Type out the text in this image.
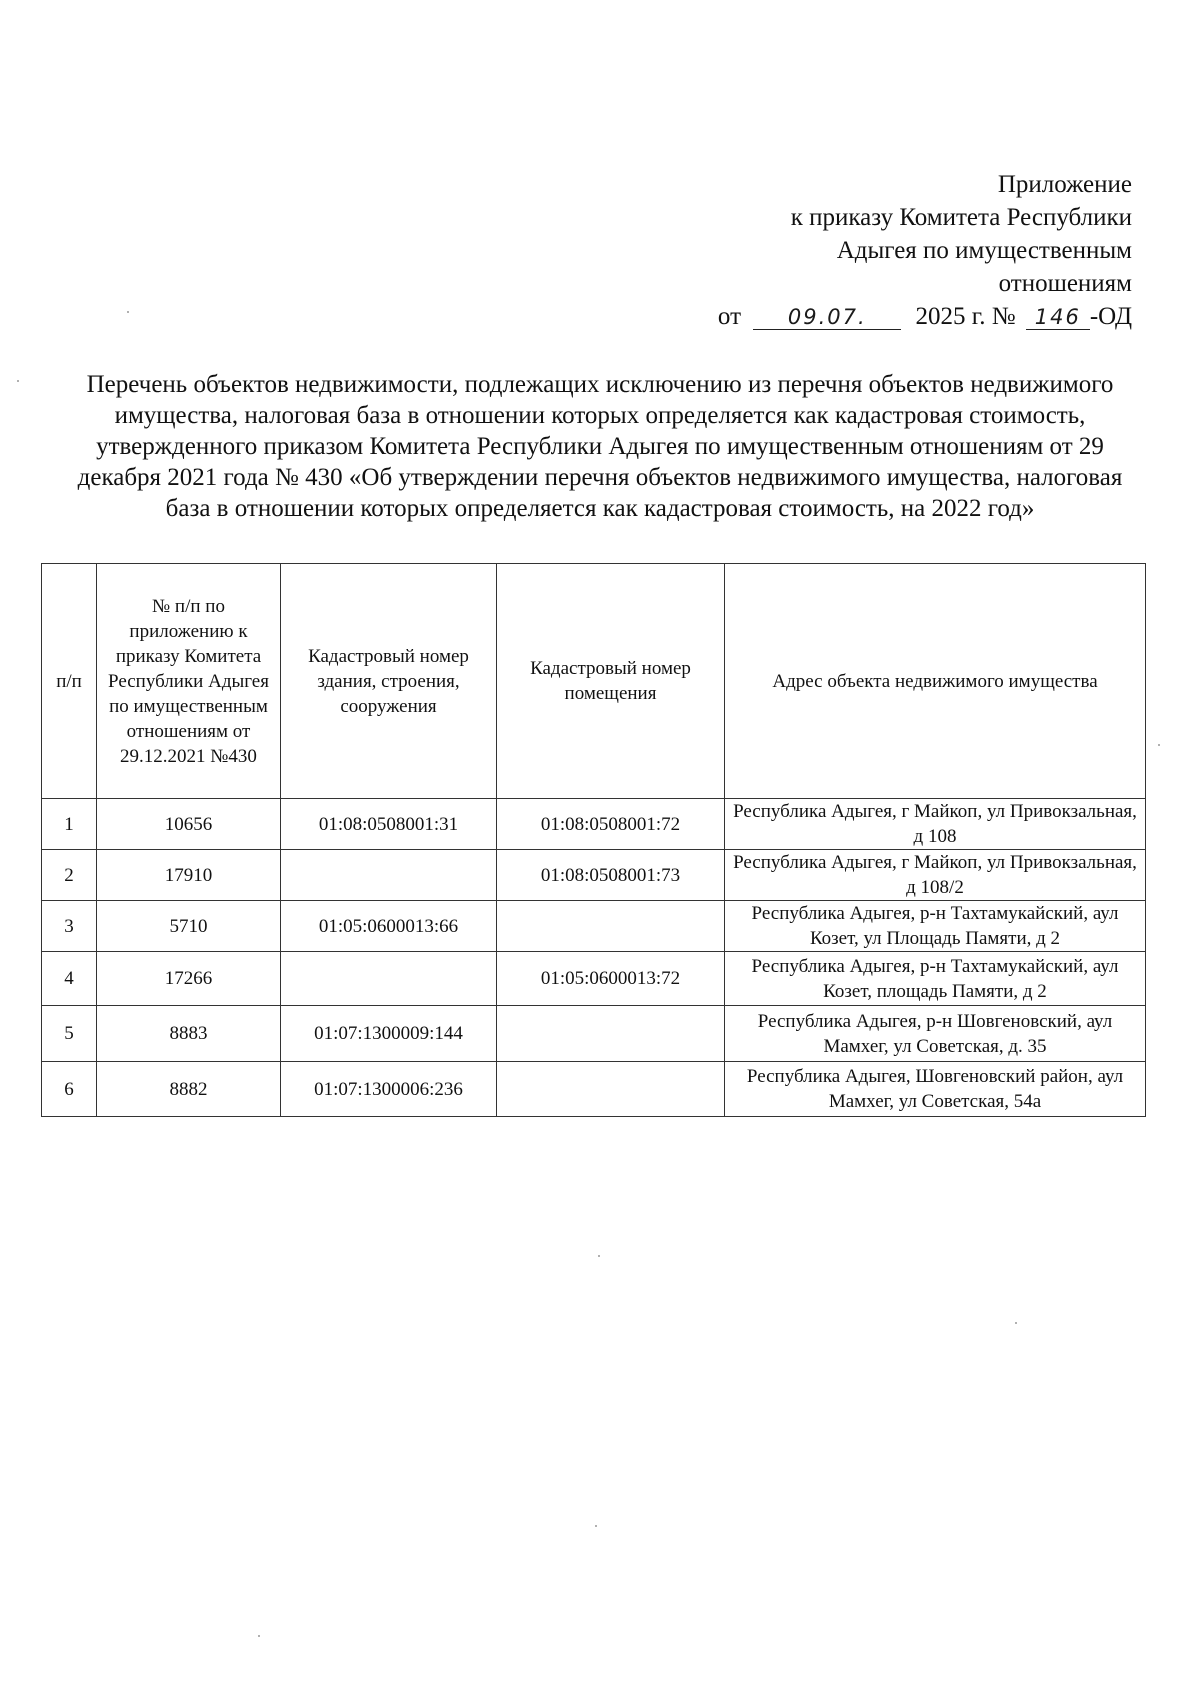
Приложение
к приказу Комитета Республики
Адыгея по имущественным
отношениям
от 09.07. 2025 г. № 146 -ОД
Перечень объектов недвижимости, подлежащих исключению из перечня объектов недвижимого имущества, налоговая база в отношении которых определяется как кадастровая стоимость, утвержденного приказом Комитета Республики Адыгея по имущественным отношениям от 29 декабря 2021 года № 430 «Об утверждении перечня объектов недвижимого имущества, налоговая база в отношении которых определяется как кадастровая стоимость, на 2022 год»
п/п	№ п/п по приложению к приказу Комитета Республики Адыгея по имущественным отношениям от 29.12.2021 №430	Кадастровый номер здания, строения, сооружения	Кадастровый номер помещения	Адрес объекта недвижимого имущества
1	10656	01:08:0508001:31	01:08:0508001:72	Республика Адыгея, г Майкоп, ул Привокзальная, д 108
2	17910		01:08:0508001:73	Республика Адыгея, г Майкоп, ул Привокзальная, д 108/2
3	5710	01:05:0600013:66		Республика Адыгея, р-н Тахтамукайский, аул Козет, ул Площадь Памяти, д 2
4	17266		01:05:0600013:72	Республика Адыгея, р-н Тахтамукайский, аул Козет, площадь Памяти, д 2
5	8883	01:07:1300009:144		Республика Адыгея, р-н Шовгеновский, аул Мамхег, ул Советская, д. 35
6	8882	01:07:1300006:236		Республика Адыгея, Шовгеновский район, аул Мамхег, ул Советская, 54а
